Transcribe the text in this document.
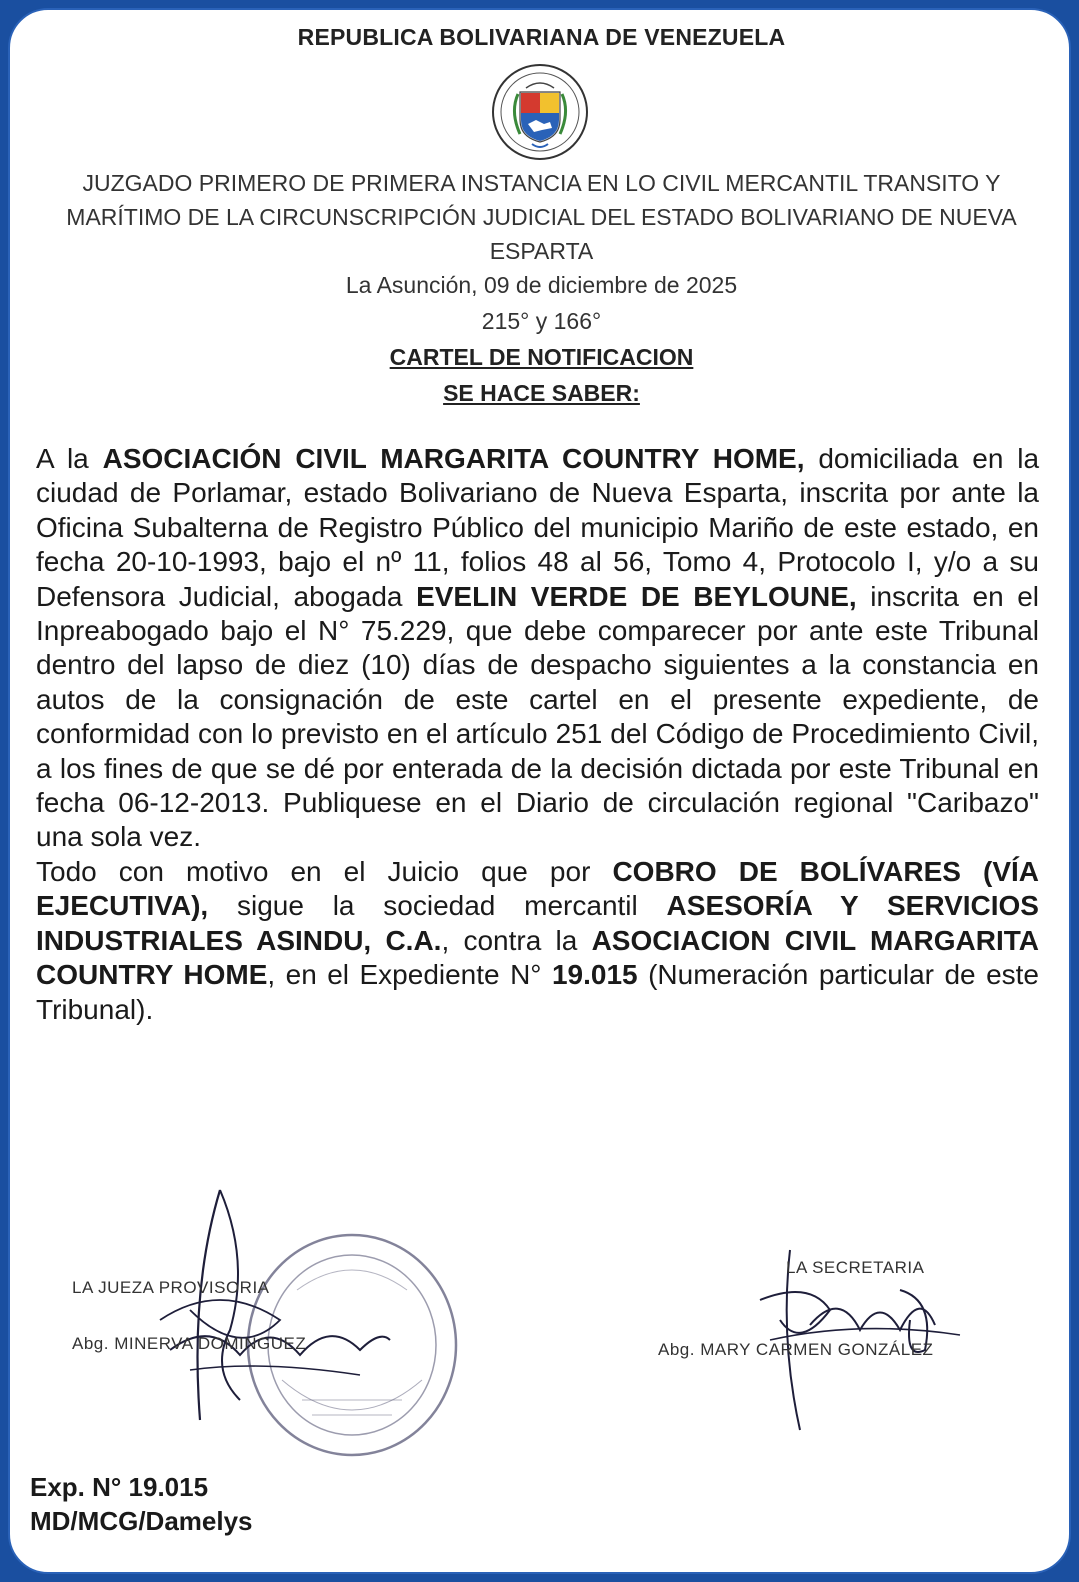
REPUBLICA BOLIVARIANA DE VENEZUELA
JUZGADO PRIMERO DE PRIMERA INSTANCIA EN LO CIVIL MERCANTIL TRANSITO Y MARÍTIMO DE LA CIRCUNSCRIPCIÓN JUDICIAL DEL ESTADO BOLIVARIANO DE NUEVA ESPARTA
La Asunción, 09 de diciembre de 2025
215° y 166°
CARTEL DE NOTIFICACION
SE HACE SABER:

A la ASOCIACIÓN CIVIL MARGARITA COUNTRY HOME, domiciliada en la ciudad de Porlamar, estado Bolivariano de Nueva Esparta, inscrita por ante la Oficina Subalterna de Registro Público del municipio Mariño de este estado, en fecha 20-10-1993, bajo el nº 11, folios 48 al 56, Tomo 4, Protocolo I, y/o a su Defensora Judicial, abogada EVELIN VERDE DE BEYLOUNE, inscrita en el Inpreabogado bajo el N° 75.229, que debe comparecer por ante este Tribunal dentro del lapso de diez (10) días de despacho siguientes a la constancia en autos de la consignación de este cartel en el presente expediente, de conformidad con lo previsto en el artículo 251 del Código de Procedimiento Civil, a los fines de que se dé por enterada de la decisión dictada por este Tribunal en fecha 06-12-2013. Publiquese en el Diario de circulación regional "Caribazo" una sola vez.

Todo con motivo en el Juicio que por COBRO DE BOLÍVARES (VÍA EJECUTIVA), sigue la sociedad mercantil ASESORÍA Y SERVICIOS INDUSTRIALES ASINDU, C.A., contra la ASOCIACION CIVIL MARGARITA COUNTRY HOME, en el Expediente N° 19.015 (Numeración particular de este Tribunal).

LA JUEZA PROVISORIA
Abg. MINERVA DOMINGUEZ
LA SECRETARIA
Abg. MARY CARMEN GONZÁLEZ
Exp. N° 19.015
MD/MCG/Damelys
